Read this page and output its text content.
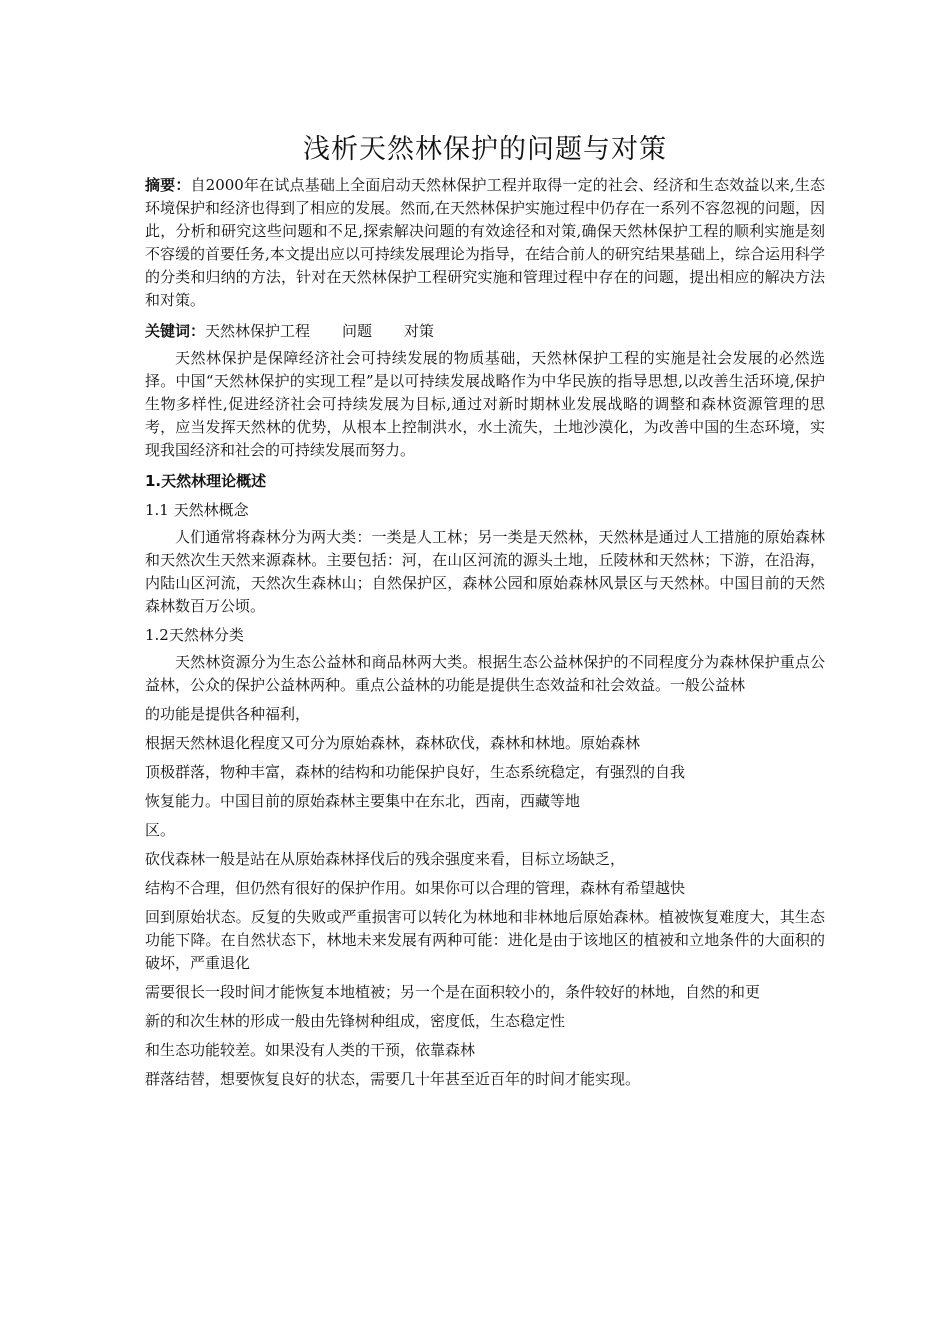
浅析天然林保护的问题与对策

摘要：自2000年在试点基础上全面启动天然林保护工程并取得一定的社会、经济和生态效益以来,生态环境保护和经济也得到了相应的发展。然而,在天然林保护实施过程中仍存在一系列不容忽视的问题，因此，分析和研究这些问题和不足,探索解决问题的有效途径和对策,确保天然林保护工程的顺利实施是刻不容缓的首要任务,本文提出应以可持续发展理论为指导，在结合前人的研究结果基础上，综合运用科学的分类和归纳的方法，针对在天然林保护工程研究实施和管理过程中存在的问题，提出相应的解决方法和对策。

关键词：天然林保护工程 问题 对策

天然林保护是保障经济社会可持续发展的物质基础，天然林保护工程的实施是社会发展的必然选择。中国“天然林保护的实现工程”是以可持续发展战略作为中华民族的指导思想,以改善生活环境,保护生物多样性,促进经济社会可持续发展为目标,通过对新时期林业发展战略的调整和森林资源管理的思考，应当发挥天然林的优势，从根本上控制洪水，水土流失，土地沙漠化，为改善中国的生态环境，实现我国经济和社会的可持续发展而努力。

1.天然林理论概述

1.1 天然林概念

人们通常将森林分为两大类：一类是人工林；另一类是天然林，天然林是通过人工措施的原始森林和天然次生天然来源森林。主要包括：河，在山区河流的源头土地，丘陵林和天然林；下游，在沿海，内陆山区河流，天然次生森林山；自然保护区，森林公园和原始森林风景区与天然林。中国目前的天然森林数百万公顷。

1.2天然林分类

天然林资源分为生态公益林和商品林两大类。根据生态公益林保护的不同程度分为森林保护重点公益林，公众的保护公益林两种。重点公益林的功能是提供生态效益和社会效益。一般公益林

的功能是提供各种福利，

根据天然林退化程度又可分为原始森林，森林砍伐，森林和林地。原始森林

顶极群落，物种丰富，森林的结构和功能保护良好，生态系统稳定，有强烈的自我

恢复能力。中国目前的原始森林主要集中在东北，西南，西藏等地

区。

砍伐森林一般是站在从原始森林择伐后的残余强度来看，目标立场缺乏，

结构不合理，但仍然有很好的保护作用。如果你可以合理的管理，森林有希望越快

回到原始状态。反复的失败或严重损害可以转化为林地和非林地后原始森林。植被恢复难度大，其生态功能下降。在自然状态下，林地未来发展有两种可能：进化是由于该地区的植被和立地条件的大面积的破坏，严重退化

需要很长一段时间才能恢复本地植被；另一个是在面积较小的，条件较好的林地，自然的和更

新的和次生林的形成一般由先锋树种组成，密度低，生态稳定性

和生态功能较差。如果没有人类的干预，依靠森林

群落结替，想要恢复良好的状态，需要几十年甚至近百年的时间才能实现。
